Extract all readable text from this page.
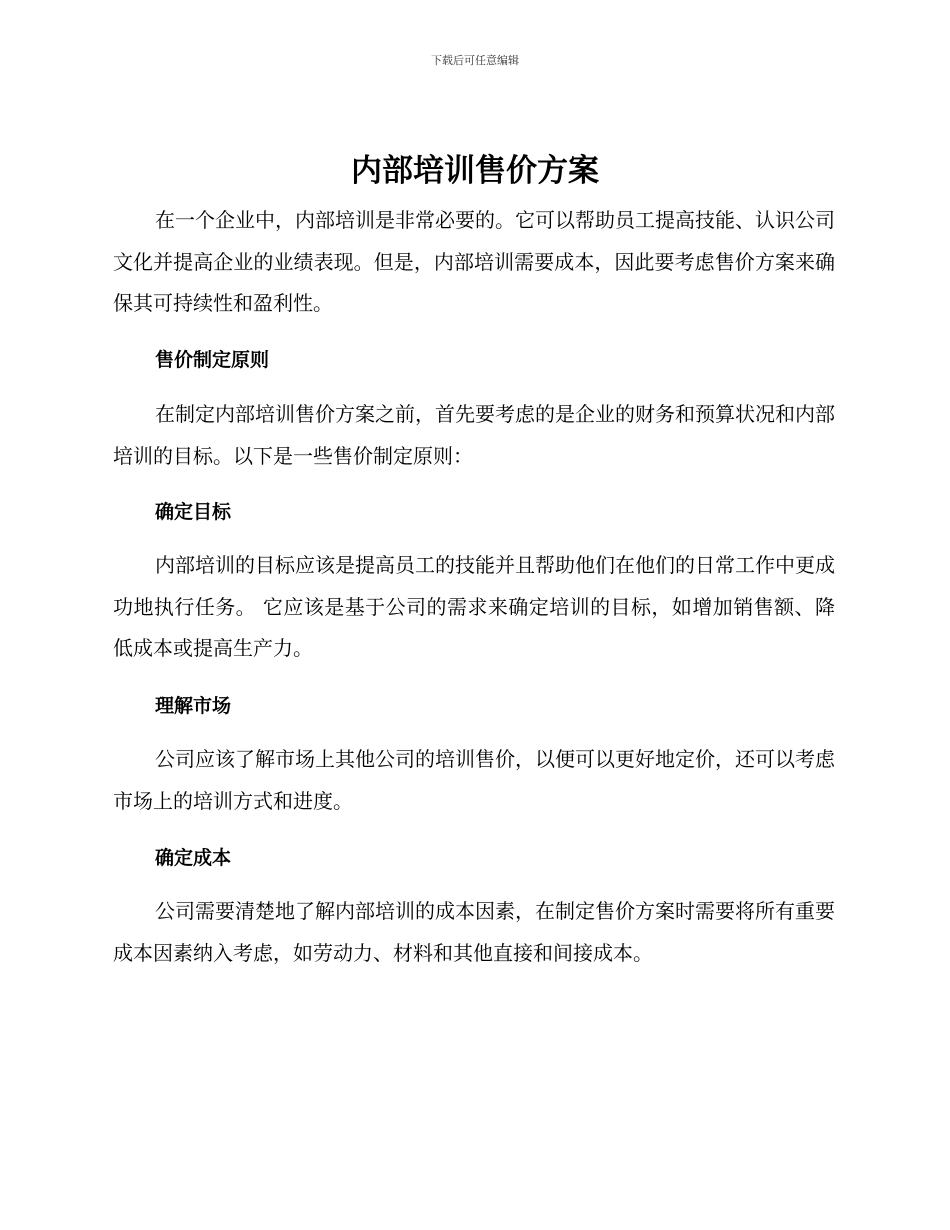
下载后可任意编辑
内部培训售价方案

在一个企业中，内部培训是非常必要的。它可以帮助员工提高技能、认识公司文化并提高企业的业绩表现。但是，内部培训需要成本，因此要考虑售价方案来确保其可持续性和盈利性。

售价制定原则

在制定内部培训售价方案之前，首先要考虑的是企业的财务和预算状况和内部培训的目标。以下是一些售价制定原则：

确定目标

内部培训的目标应该是提高员工的技能并且帮助他们在他们的日常工作中更成功地执行任务。 它应该是基于公司的需求来确定培训的目标，如增加销售额、降低成本或提高生产力。

理解市场

公司应该了解市场上其他公司的培训售价，以便可以更好地定价，还可以考虑市场上的培训方式和进度。

确定成本

公司需要清楚地了解内部培训的成本因素，在制定售价方案时需要将所有重要成本因素纳入考虑，如劳动力、材料和其他直接和间接成本。
